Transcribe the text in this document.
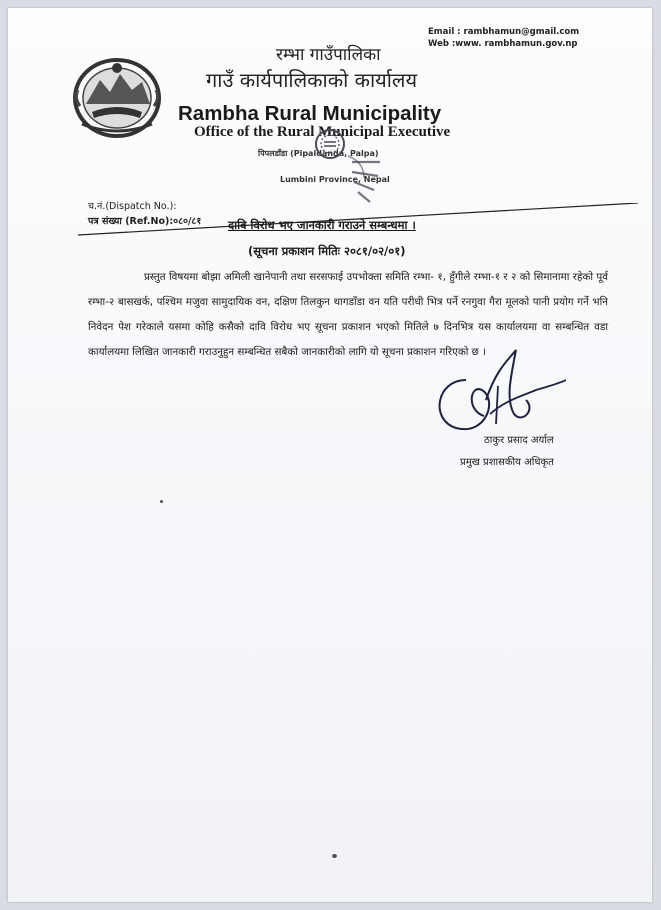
Email : rambhamun@gmail.com
Web :www. rambhamun.gov.np
रम्भा गाउँपालिका
गाउँ कार्यपालिकाको कार्यालय
Rambha Rural Municipality
Office of the Rural Municipal Executive
पिपलडाँडा (Pipaldanda, Palpa)
Lumbini Province, Nepal
च.नं.(Dispatch No.):
पत्र संख्या (Ref.No):०८०/८१ दावि विरोध भए जानकारी गराउने सम्बन्धमा ।
(सूचना प्रकाशन मितिः २०८१/०२/०१)

प्रस्तुत विषयमा बोझा अमिली खानेपानी तथा सरसफाई उपभोक्ता समिति रम्भा- १, हुँगीले रम्भा-१ र २ को सिमानामा रहेको पूर्व रम्भा-२ बासखर्क, पश्चिम मजुवा सामुदायिक वन, दक्षिण तिलकुन थागडाँडा वन यति परीधी भित्र पर्ने रनगुवा गैरा मूलको पानी प्रयोग गर्ने भनि निवेदन पेश गरेकाले यसमा कोहि कसैको दावि विरोध भए सूचना प्रकाशन भएको मितिले ७ दिनभित्र यस कार्यालयमा वा सम्बन्धित वडा कार्यालयमा लिखित जानकारी गराउनुहुन सम्बन्धित सबैको जानकारीको लागि यो सूचना प्रकाशन गरिएको छ ।

ठाकुर प्रसाद अर्याल
प्रमुख प्रशासकीय अधिकृत
